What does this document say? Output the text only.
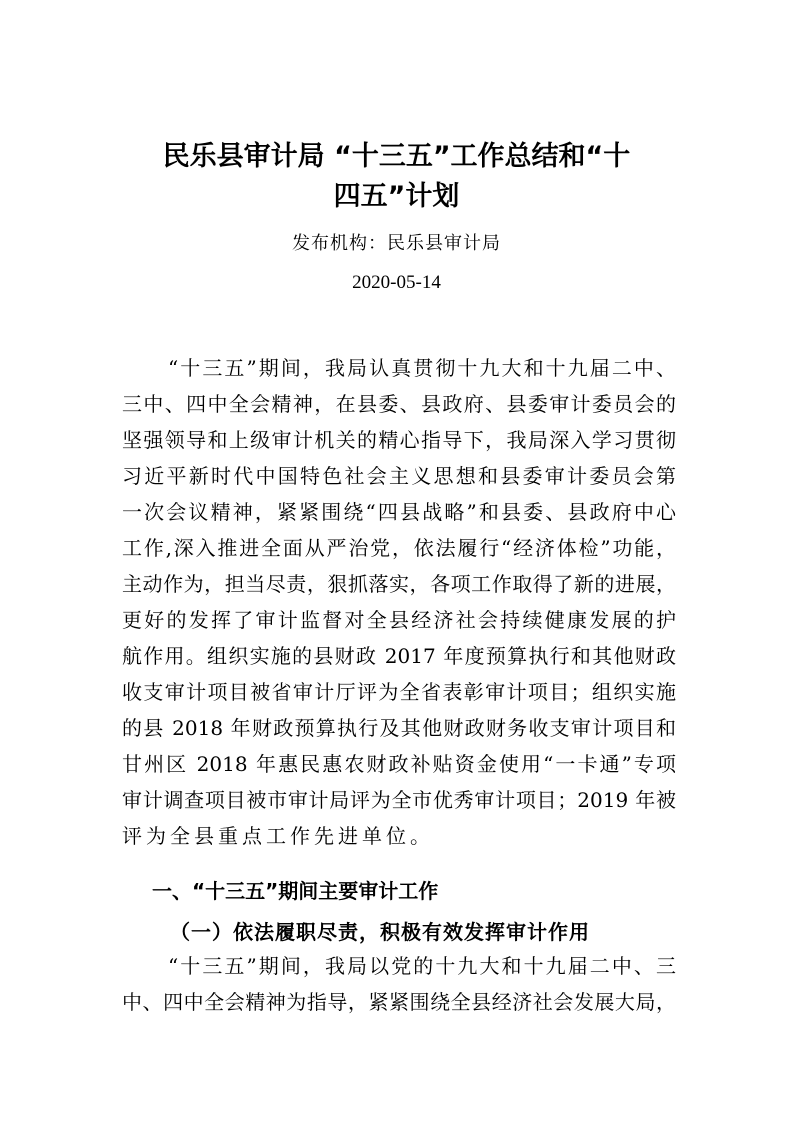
民乐县审计局 “十三五”工作总结和“十
四五”计划
发布机构：民乐县审计局
2020-05-14
“十三五”期间，我局认真贯彻十九大和十九届二中、
三中、四中全会精神，在县委、县政府、县委审计委员会的
坚强领导和上级审计机关的精心指导下，我局深入学习贯彻
习近平新时代中国特色社会主义思想和县委审计委员会第
一次会议精神，紧紧围绕“四县战略”和县委、县政府中心
工作,深入推进全面从严治党，依法履行“经济体检”功能，
主动作为，担当尽责，狠抓落实，各项工作取得了新的进展，
更好的发挥了审计监督对全县经济社会持续健康发展的护
航作用。组织实施的县财政 2017 年度预算执行和其他财政
收支审计项目被省审计厅评为全省表彰审计项目；组织实施
的县 2018 年财政预算执行及其他财政财务收支审计项目和
甘州区 2018 年惠民惠农财政补贴资金使用“一卡通”专项
审计调查项目被市审计局评为全市优秀审计项目；2019 年被
评为全县重点工作先进单位。
一、“十三五”期间主要审计工作
（一）依法履职尽责，积极有效发挥审计作用
“十三五”期间，我局以党的十九大和十九届二中、三
中、四中全会精神为指导，紧紧围绕全县经济社会发展大局，
